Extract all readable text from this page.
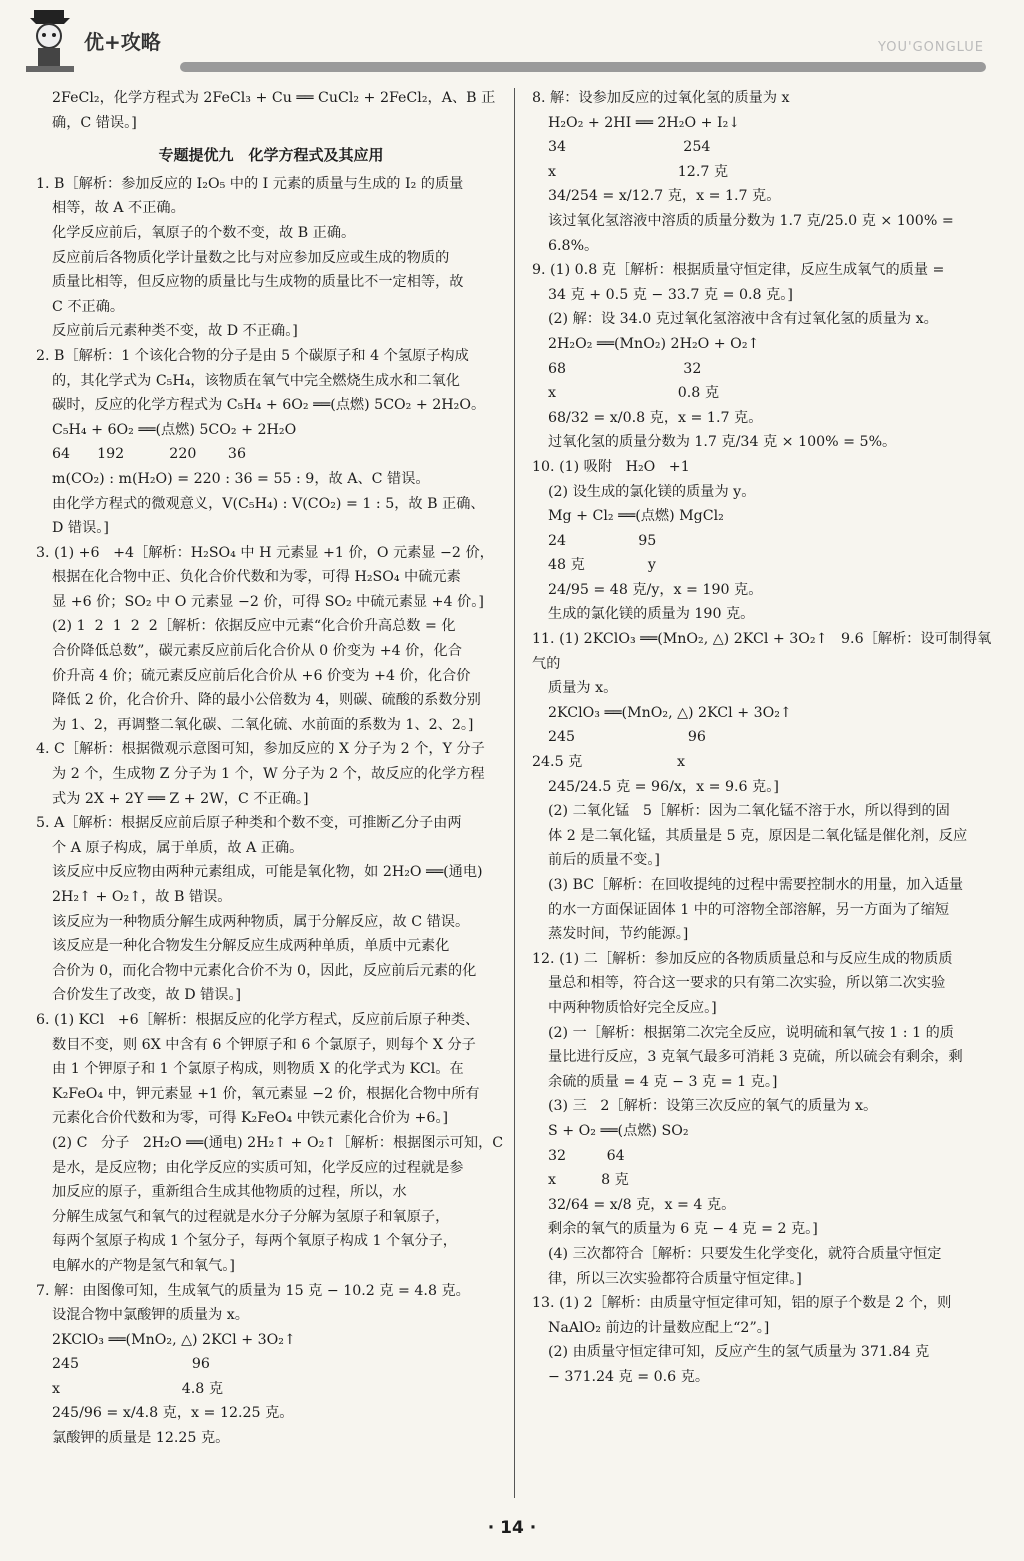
优+攻略	YOU'GONGLUE
2FeCl₂，化学方程式为 2FeCl₃ + Cu ══ CuCl₂ + 2FeCl₂，A、B 正
确，C 错误。]
专题提优九　化学方程式及其应用
1. B［解析：参加反应的 I₂O₅ 中的 I 元素的质量与生成的 I₂ 的质量
相等，故 A 不正确。
化学反应前后，氧原子的个数不变，故 B 正确。
反应前后各物质化学计量数之比与对应参加反应或生成的物质的
质量比相等，但反应物的质量比与生成物的质量比不一定相等，故
C 不正确。
反应前后元素种类不变，故 D 不正确。]
2. B［解析：1 个该化合物的分子是由 5 个碳原子和 4 个氢原子构成
的，其化学式为 C₅H₄，该物质在氧气中完全燃烧生成水和二氧化
碳时，反应的化学方程式为 C₅H₄ + 6O₂ ══(点燃) 5CO₂ + 2H₂O。
C₅H₄ + 6O₂ ══(点燃) 5CO₂ + 2H₂O
64      192          220       36
m(CO₂) : m(H₂O) = 220 : 36 = 55 : 9，故 A、C 错误。
由化学方程式的微观意义，V(C₅H₄) : V(CO₂) = 1 : 5，故 B 正确、
D 错误。]
3. (1) +6   +4［解析：H₂SO₄ 中 H 元素显 +1 价，O 元素显 −2 价，
根据在化合物中正、负化合价代数和为零，可得 H₂SO₄ 中硫元素
显 +6 价；SO₂ 中 O 元素显 −2 价，可得 SO₂ 中硫元素显 +4 价。]
(2) 1  2  1  2  2［解析：依据反应中元素“化合价升高总数 = 化
合价降低总数”，碳元素反应前后化合价从 0 价变为 +4 价，化合
价升高 4 价；硫元素反应前后化合价从 +6 价变为 +4 价，化合价
降低 2 价，化合价升、降的最小公倍数为 4，则碳、硫酸的系数分别
为 1、2，再调整二氧化碳、二氧化硫、水前面的系数为 1、2、2。]
4. C［解析：根据微观示意图可知，参加反应的 X 分子为 2 个，Y 分子
为 2 个，生成物 Z 分子为 1 个，W 分子为 2 个，故反应的化学方程
式为 2X + 2Y ══ Z + 2W，C 不正确。]
5. A［解析：根据反应前后原子种类和个数不变，可推断乙分子由两
个 A 原子构成，属于单质，故 A 正确。
该反应中反应物由两种元素组成，可能是氧化物，如 2H₂O ══(通电)
2H₂↑ + O₂↑，故 B 错误。
该反应为一种物质分解生成两种物质，属于分解反应，故 C 错误。
该反应是一种化合物发生分解反应生成两种单质，单质中元素化
合价为 0，而化合物中元素化合价不为 0，因此，反应前后元素的化
合价发生了改变，故 D 错误。]
6. (1) KCl   +6［解析：根据反应的化学方程式，反应前后原子种类、
数目不变，则 6X 中含有 6 个钾原子和 6 个氯原子，则每个 X 分子
由 1 个钾原子和 1 个氯原子构成，则物质 X 的化学式为 KCl。在
K₂FeO₄ 中，钾元素显 +1 价，氧元素显 −2 价，根据化合物中所有
元素化合价代数和为零，可得 K₂FeO₄ 中铁元素化合价为 +6。]
(2) C   分子   2H₂O ══(通电) 2H₂↑ + O₂↑［解析：根据图示可知，C
是水，是反应物；由化学反应的实质可知，化学反应的过程就是参
加反应的原子，重新组合生成其他物质的过程，所以，水
分解生成氢气和氧气的过程就是水分子分解为氢原子和氧原子，
每两个氢原子构成 1 个氢分子，每两个氧原子构成 1 个氧分子，
电解水的产物是氢气和氧气。]
7. 解：由图像可知，生成氧气的质量为 15 克 − 10.2 克 = 4.8 克。
设混合物中氯酸钾的质量为 x。
2KClO₃ ══(MnO₂, △) 2KCl + 3O₂↑
245                         96
x                           4.8 克
245/96 = x/4.8 克，x = 12.25 克。
氯酸钾的质量是 12.25 克。
8. 解：设参加反应的过氧化氢的质量为 x
H₂O₂ + 2HI ══ 2H₂O + I₂↓
34                          254
x                           12.7 克
34/254 = x/12.7 克，x = 1.7 克。
该过氧化氢溶液中溶质的质量分数为 1.7 克/25.0 克 × 100% = 6.8%。
9. (1) 0.8 克［解析：根据质量守恒定律，反应生成氧气的质量 =
34 克 + 0.5 克 − 33.7 克 = 0.8 克。]
(2) 解：设 34.0 克过氧化氢溶液中含有过氧化氢的质量为 x。
2H₂O₂ ══(MnO₂) 2H₂O + O₂↑
68                          32
x                           0.8 克
68/32 = x/0.8 克，x = 1.7 克。
过氧化氢的质量分数为 1.7 克/34 克 × 100% = 5%。
10. (1) 吸附   H₂O   +1
(2) 设生成的氯化镁的质量为 y。
Mg + Cl₂ ══(点燃) MgCl₂
24                95
48 克              y
24/95 = 48 克/y，x = 190 克。
生成的氯化镁的质量为 190 克。
11. (1) 2KClO₃ ══(MnO₂, △) 2KCl + 3O₂↑   9.6［解析：设可制得氧气的
质量为 x。
2KClO₃ ══(MnO₂, △) 2KCl + 3O₂↑
245                         96
24.5 克                     x
245/24.5 克 = 96/x，x = 9.6 克。]
(2) 二氧化锰   5［解析：因为二氧化锰不溶于水，所以得到的固
体 2 是二氧化锰，其质量是 5 克，原因是二氧化锰是催化剂，反应
前后的质量不变。]
(3) BC［解析：在回收提纯的过程中需要控制水的用量，加入适量
的水一方面保证固体 1 中的可溶物全部溶解，另一方面为了缩短
蒸发时间，节约能源。]
12. (1) 二［解析：参加反应的各物质质量总和与反应生成的物质质
量总和相等，符合这一要求的只有第二次实验，所以第二次实验
中两种物质恰好完全反应。]
(2) 一［解析：根据第二次完全反应，说明硫和氧气按 1 : 1 的质
量比进行反应，3 克氧气最多可消耗 3 克硫，所以硫会有剩余，剩
余硫的质量 = 4 克 − 3 克 = 1 克。]
(3) 三   2［解析：设第三次反应的氧气的质量为 x。
S + O₂ ══(点燃) SO₂
32         64
x          8 克
32/64 = x/8 克，x = 4 克。
剩余的氧气的质量为 6 克 − 4 克 = 2 克。]
(4) 三次都符合［解析：只要发生化学变化，就符合质量守恒定
律，所以三次实验都符合质量守恒定律。]
13. (1) 2［解析：由质量守恒定律可知，铝的原子个数是 2 个，则
NaAlO₂ 前边的计量数应配上“2”。]
(2) 由质量守恒定律可知，反应产生的氢气质量为 371.84 克
− 371.24 克 = 0.6 克。
· 14 ·
